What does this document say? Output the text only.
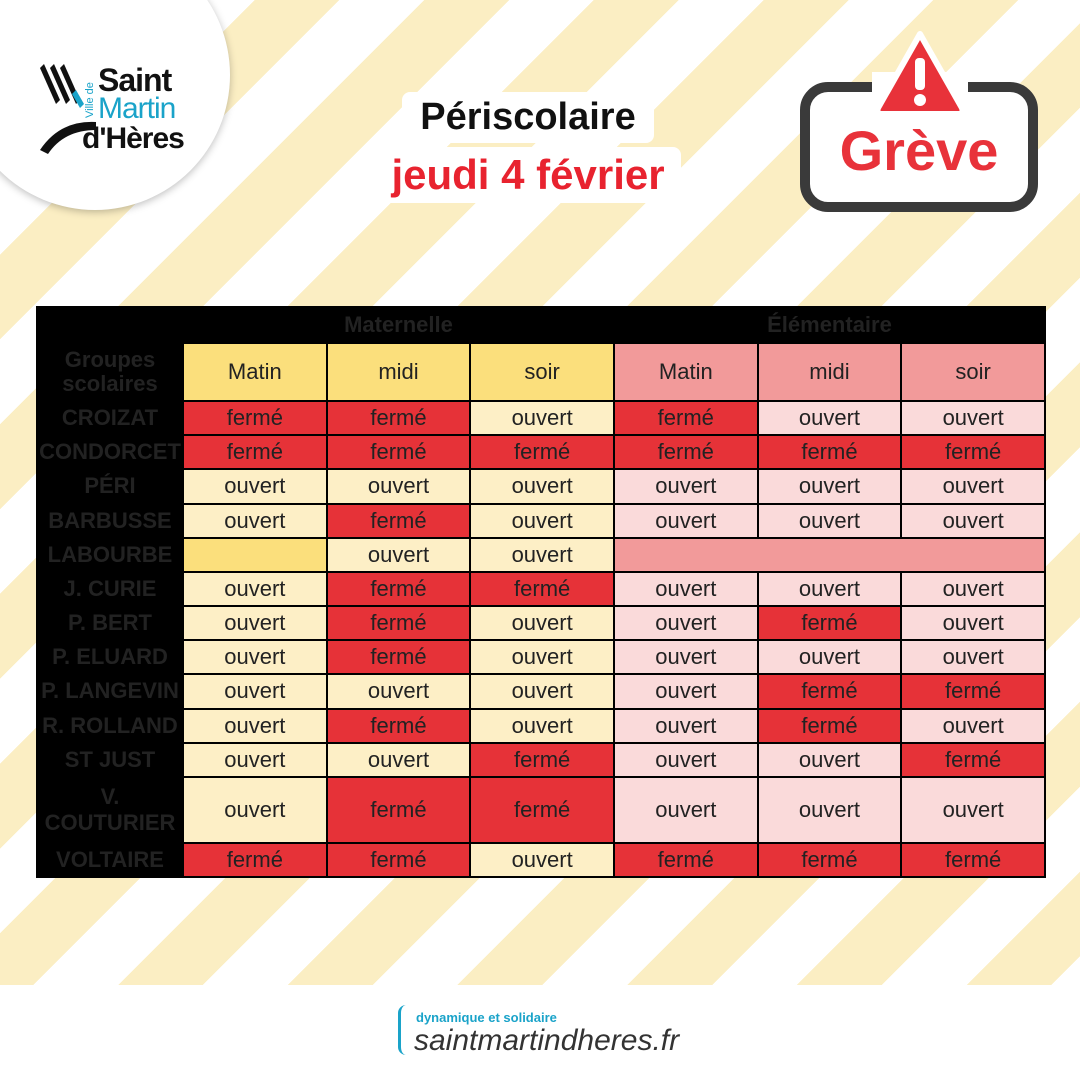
Ville de
Saint
Martin
d'Hères
Périscolaire
jeudi 4 février	Grève
	Maternelle			Élémentaire		
Groupes scolaires	Matin	midi	soir	Matin	midi	soir
CROIZAT	fermé	fermé	ouvert	fermé	ouvert	ouvert
CONDORCET	fermé	fermé	fermé	fermé	fermé	fermé
PÉRI	ouvert	ouvert	ouvert	ouvert	ouvert	ouvert
BARBUSSE	ouvert	fermé	ouvert	ouvert	ouvert	ouvert
LABOURBE		ouvert	ouvert			
J. CURIE	ouvert	fermé	fermé	ouvert	ouvert	ouvert
P. BERT	ouvert	fermé	ouvert	ouvert	fermé	ouvert
P. ELUARD	ouvert	fermé	ouvert	ouvert	ouvert	ouvert
P. LANGEVIN	ouvert	ouvert	ouvert	ouvert	fermé	fermé
R. ROLLAND	ouvert	fermé	ouvert	ouvert	fermé	ouvert
ST JUST	ouvert	ouvert	fermé	ouvert	ouvert	fermé
V. COUTURIER	ouvert	fermé	fermé	ouvert	ouvert	ouvert
VOLTAIRE	fermé	fermé	ouvert	fermé	fermé	fermé
dynamique et solidaire
saintmartindheres.fr
